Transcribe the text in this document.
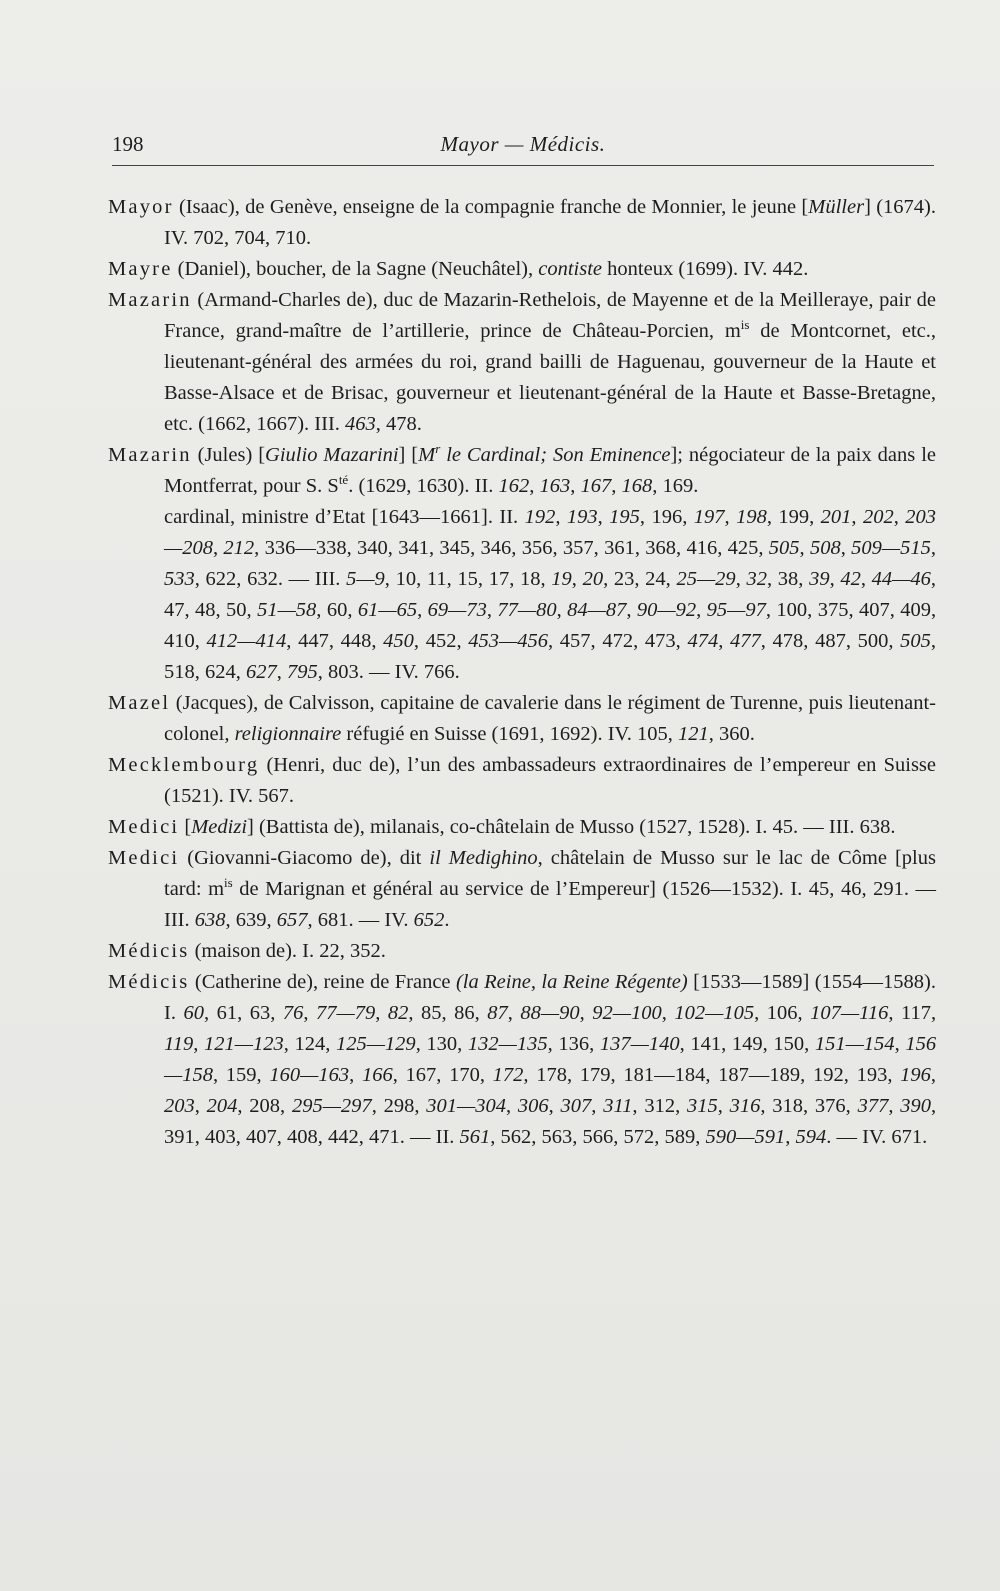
198	Mayor — Médicis.
Mayor (Isaac), de Genève, enseigne de la compagnie franche de Monnier, le jeune [Müller] (1674). IV. 702, 704, 710.
Mayre (Daniel), boucher, de la Sagne (Neuchâtel), contiste honteux (1699). IV. 442.
Mazarin (Armand-Charles de), duc de Mazarin-Rethelois, de Mayenne et de la Meilleraye, pair de France, grand-maître de l’artillerie, prince de Château-Porcien, $m^{is}$ de Montcornet, etc., lieutenant-général des armées du roi, grand bailli de Haguenau, gouverneur de la Haute et Basse-Alsace et de Brisac, gouverneur et lieutenant-général de la Haute et Basse-Bretagne, etc. (1662, 1667). III. 463, 478.
Mazarin (Jules) [Giulio Mazarini] [$M^r$ le Cardinal; Son Eminence]; négociateur de la paix dans le Montferrat, pour S. $S^{té}$. (1629, 1630). II. 162, 163, 167, 168, 169.
cardinal, ministre d’Etat [1643—1661]. II. 192, 193, 195, 196, 197, 198, 199, 201, 202, 203—208, 212, 336—338, 340, 341, 345, 346, 356, 357, 361, 368, 416, 425, 505, 508, 509—515, 533, 622, 632. — III. 5—9, 10, 11, 15, 17, 18, 19, 20, 23, 24, 25—29, 32, 38, 39, 42, 44—46, 47, 48, 50, 51—58, 60, 61—65, 69—73, 77—80, 84—87, 90—92, 95—97, 100, 375, 407, 409, 410, 412—414, 447, 448, 450, 452, 453—456, 457, 472, 473, 474, 477, 478, 487, 500, 505, 518, 624, 627, 795, 803. — IV. 766.
Mazel (Jacques), de Calvisson, capitaine de cavalerie dans le régiment de Turenne, puis lieutenant-colonel, religionnaire réfugié en Suisse (1691, 1692). IV. 105, 121, 360.
Mecklembourg (Henri, duc de), l’un des ambassadeurs extraordinaires de l’empereur en Suisse (1521). IV. 567.
Medici [Medizi] (Battista de), milanais, co-châtelain de Musso (1527, 1528). I. 45. — III. 638.
Medici (Giovanni-Giacomo de), dit il Medighino, châtelain de Musso sur le lac de Côme [plus tard: $m^{is}$ de Marignan et général au service de l’Empereur] (1526—1532). I. 45, 46, 291. — III. 638, 639, 657, 681. — IV. 652.
Médicis (maison de). I. 22, 352.
Médicis (Catherine de), reine de France (la Reine, la Reine Régente) [1533—1589] (1554—1588). I. 60, 61, 63, 76, 77—79, 82, 85, 86, 87, 88—90, 92—100, 102—105, 106, 107—116, 117, 119, 121—123, 124, 125—129, 130, 132—135, 136, 137—140, 141, 149, 150, 151—154, 156—158, 159, 160—163, 166, 167, 170, 172, 178, 179, 181—184, 187—189, 192, 193, 196, 203, 204, 208, 295—297, 298, 301—304, 306, 307, 311, 312, 315, 316, 318, 376, 377, 390, 391, 403, 407, 408, 442, 471. — II. 561, 562, 563, 566, 572, 589, 590—591, 594. — IV. 671.
